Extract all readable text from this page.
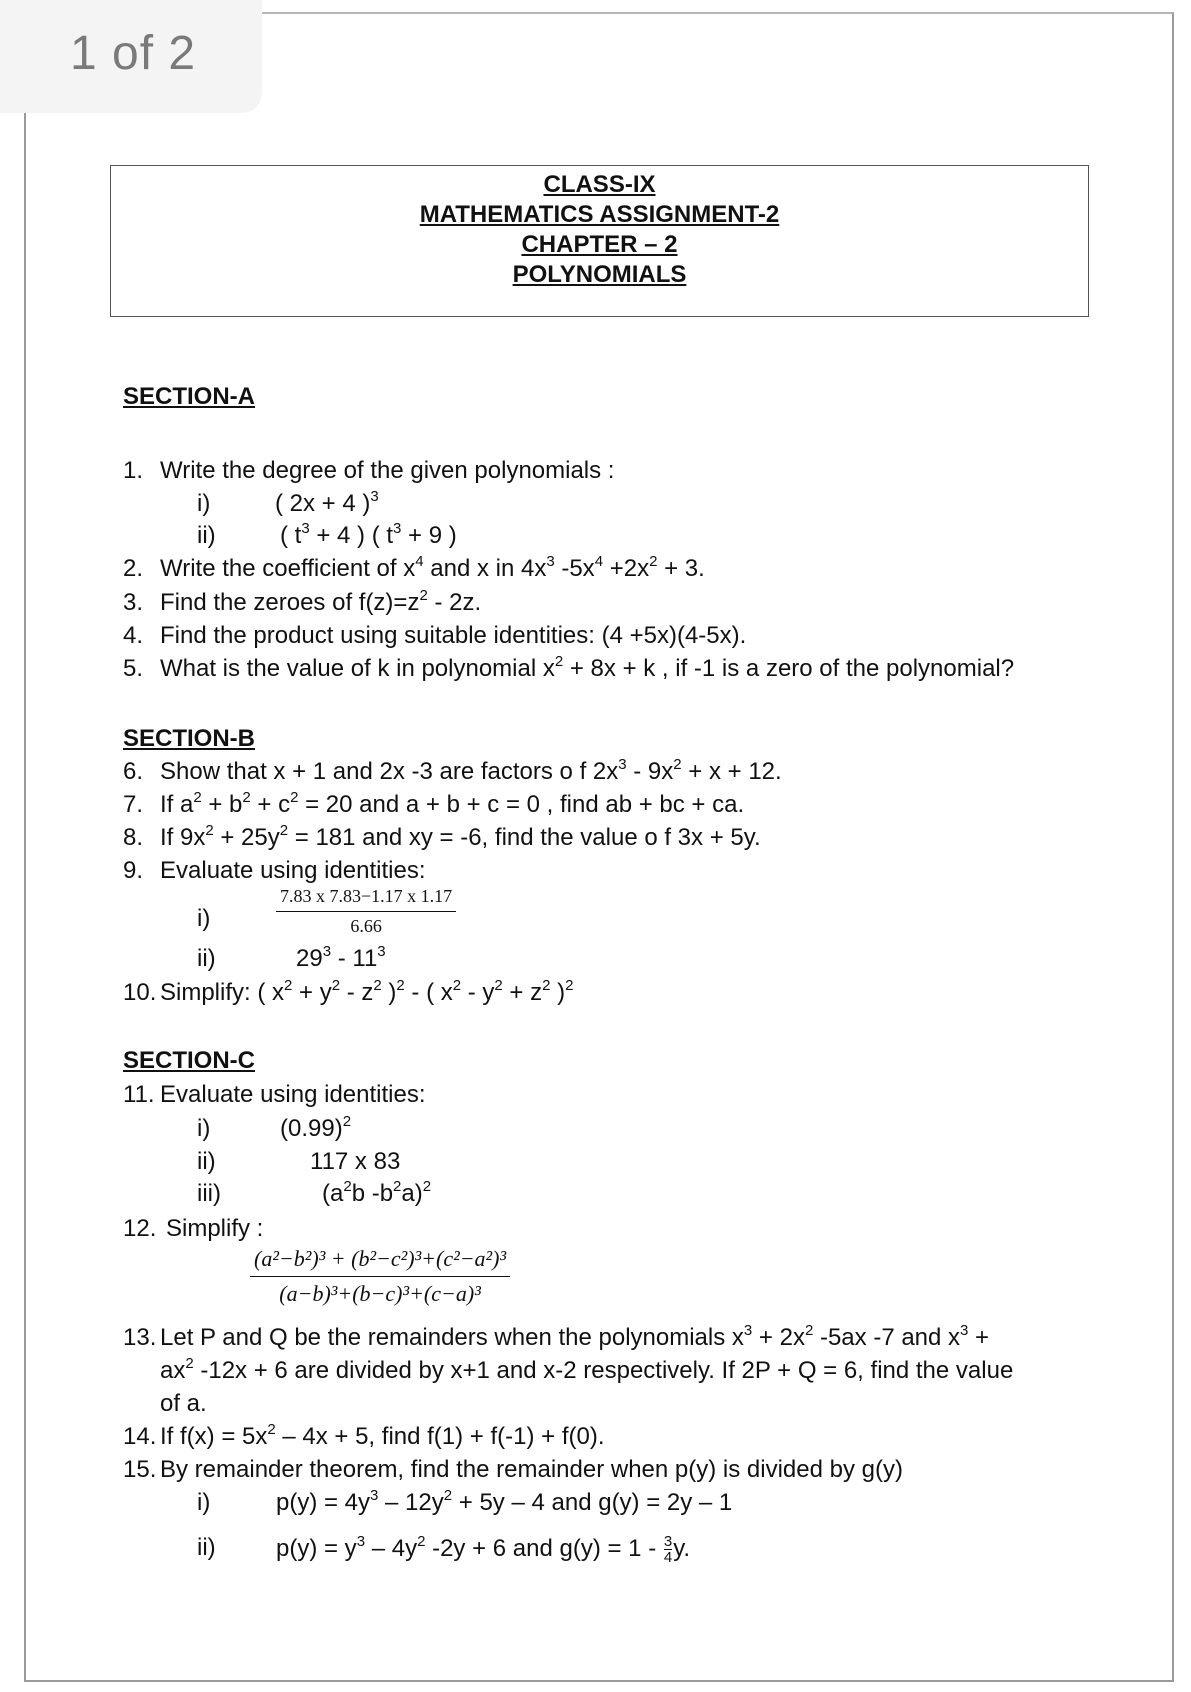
1 of 2
CLASS-IX
MATHEMATICS ASSIGNMENT-2
CHAPTER – 2
POLYNOMIALS
SECTION-A
1. Write the degree of the given polynomials :
i)	( 2x + 4 )$^3$
ii)	( $t^3 + 4$ ) ( $t^3 + 9$ )
2. Write the coefficient of $x^4$ and x in $4x^3$ $-5x^4 +2x^2 + 3$.
3. Find the zeroes of $f(z)=z^2 - 2z$.
4. Find the product using suitable identities: (4 +5x)(4-5x).
5. What is the value of k in polynomial $x^2 + 8x + k$ , if -1 is a zero of the polynomial?
SECTION-B
6. Show that x + 1 and 2x -3 are factors o f $2x^3 - 9x^2 + x + 12$.
7. If $a^2 + b^2 + c^2 = 20$ and a + b + c = 0 , find ab + bc + ca.
8. If $9x^2 + 25y^2 = 181$ and xy = -6, find the value o f 3x + 5y.
9. Evaluate using identities:
i)	$\frac{7.83 x 7.83-1.17 x 1.17}{6.66}$
ii)	$29^3 - 11^3$
10. Simplify: ( $x^2 + y^2 - z^2$ )$^2$ - ( $x^2 - y^2 + z^2$ )$^2$
SECTION-C
11. Evaluate using identities:
i)	$(0.99)^2$
ii)	117 x 83
iii)	($a^2b$ $-b^2a)^2$
12. Simplify :
$\frac{\text{(a²−b²)³ + (b²−c²)³+(c²−a²)³}}{\text{(a−b)³+(b−c)³+(c−a)³}}$
13. Let P and Q be the remainders when the polynomials $x^3 + 2x^2$ -5ax -7 and $x^3$ +
$ax^2$ -12x + 6 are divided by x+1 and x-2 respectively. If 2P + Q = 6, find the value
of a.
14. If $f(x) = 5x^2 - 4x + 5$, find f(1) + f(-1) + f(0).
15. By remainder theorem, find the remainder when p(y) is divided by g(y)
i)	$p(y) = 4y^3 - 12y^2 + 5y - 4$ and g(y) = 2y – 1
ii)	$p(y) = y^3 - 4y^2$ -2y + 6 and $g(y) = 1 - \frac{3}{4} y$.
